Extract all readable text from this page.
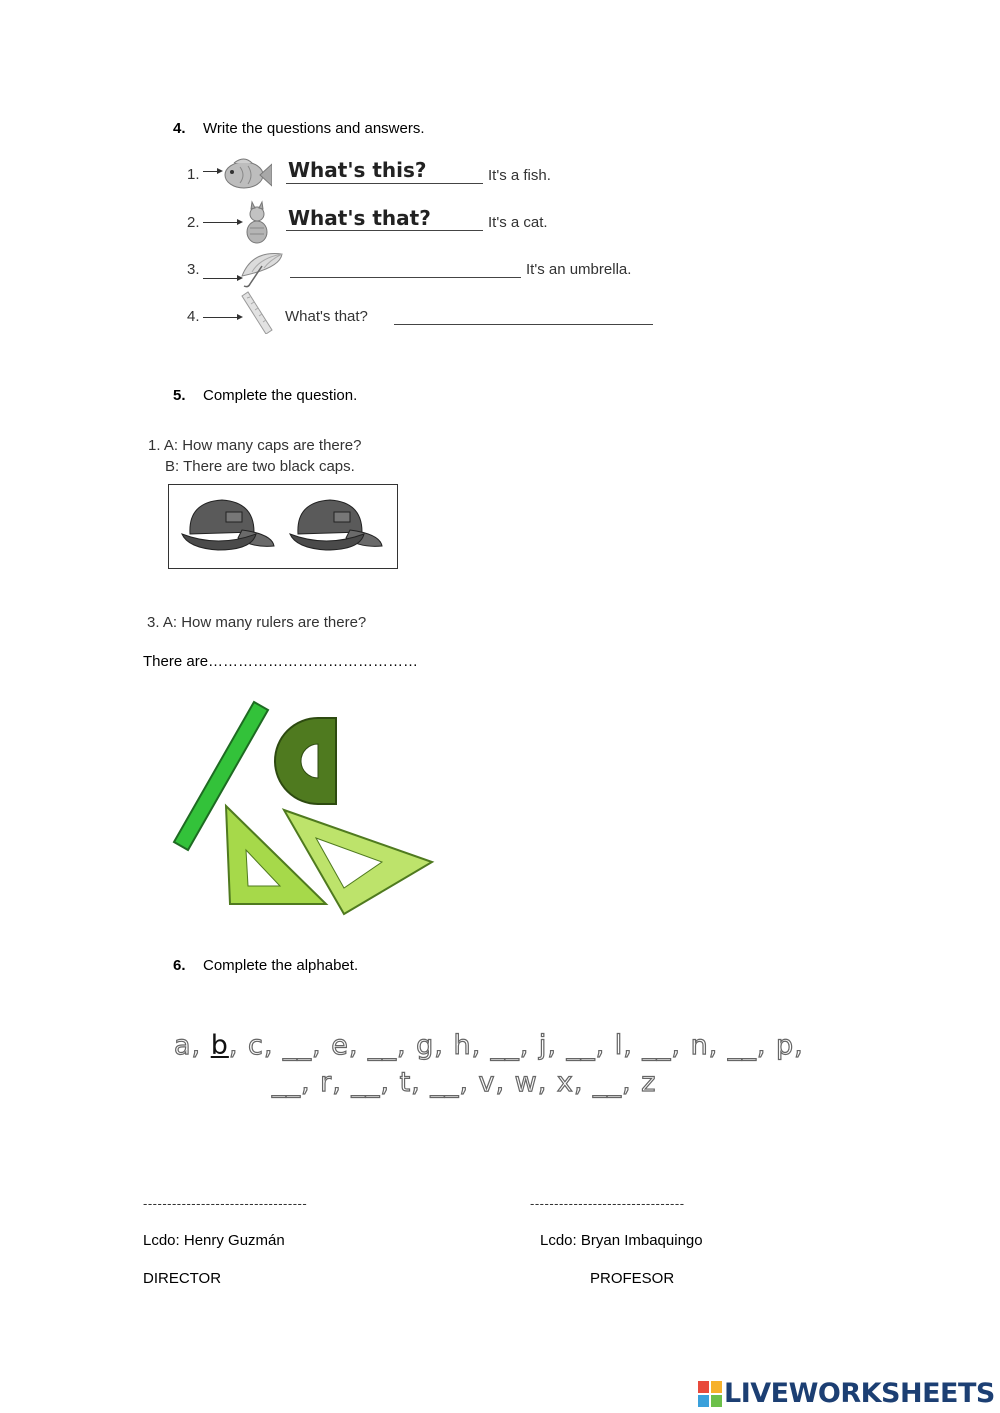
4. Write the questions and answers.
1.	What's this?	It's a fish.
2.	What's that?	It's a cat.
3.	It's an umbrella.
4.	What's that?
5. Complete the question.
1. A: How many caps are there?
B: There are two black caps.
3. A: How many rulers are there?
There are……………………………………
6. Complete the alphabet.
a, b, c, __, e, __, g, h, __, j, __, l, __, n, __, p,
__, r, __, t, __, v, w, x, __, z
----------------------------------	--------------------------------
Lcdo: Henry Guzmán	Lcdo: Bryan Imbaquingo
DIRECTOR	PROFESOR
LIVEWORKSHEETS
